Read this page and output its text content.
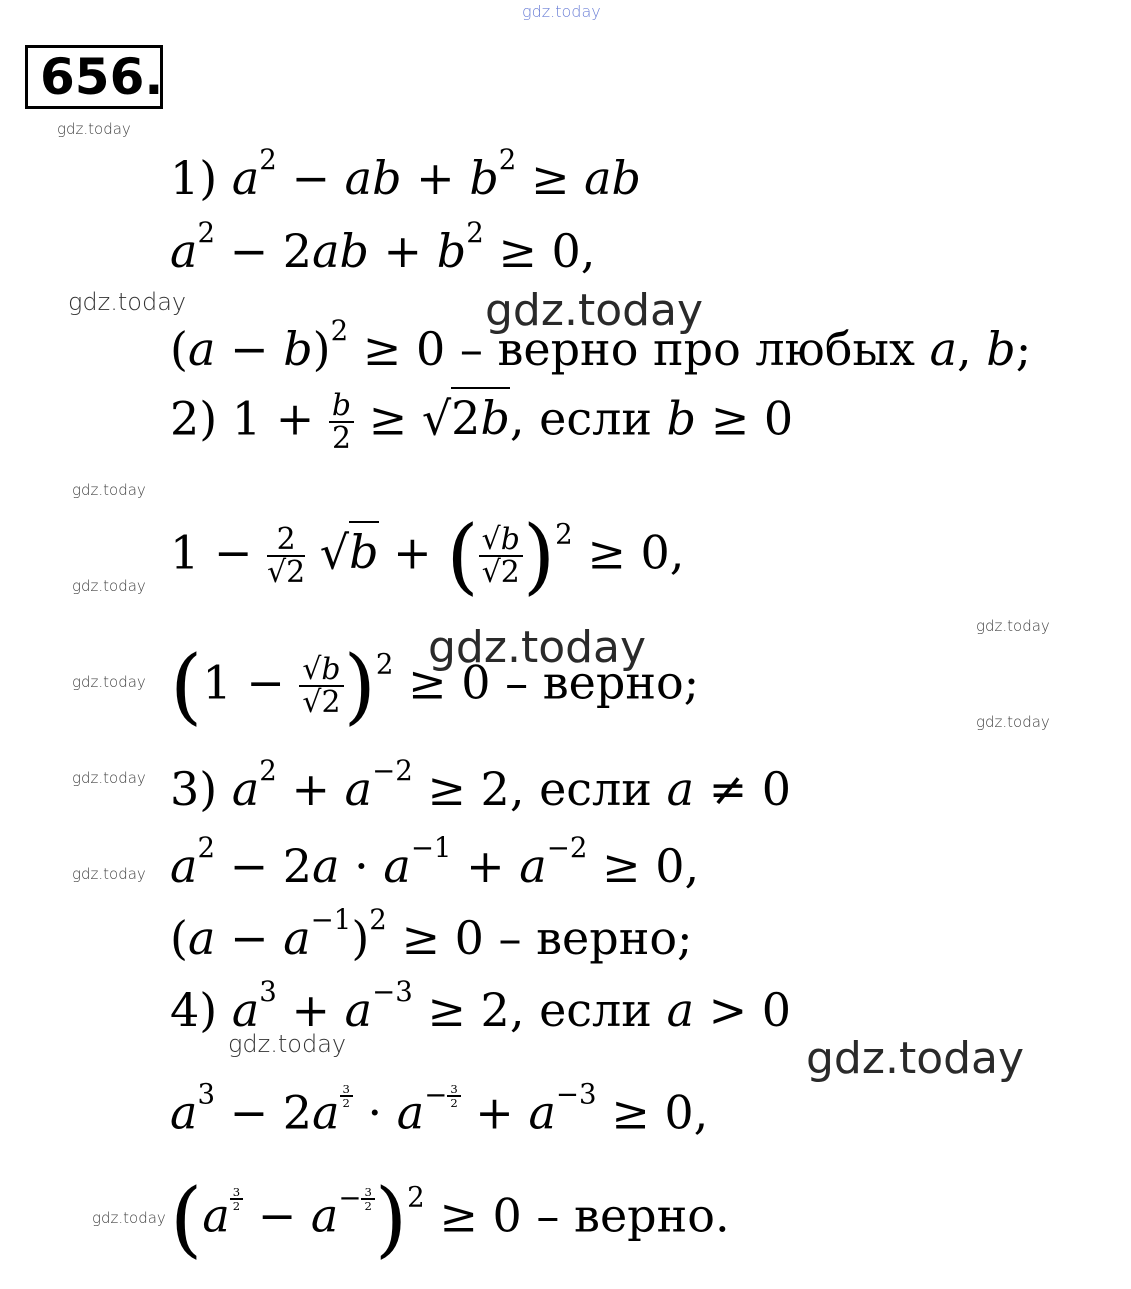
gdz.today
656.
gdz.today
gdz.today
gdz.today
gdz.today
gdz.today
gdz.today
gdz.today
gdz.today
gdz.today
gdz.today
gdz.today
gdz.today
gdz.today
gdz.today
1) $a^2$ − ab + $b^2$ ≥ ab
$a^2 - 2ab + b^2 \ge 0$,
$(a - b)^2 \ge 0$ – верно про любых a, b;
2) $1 + \frac{b}{2} \ge √2b$, если b ≥ 0
$1 - \frac{2}{√2} √b$ + ( $\frac{√b}{√2} )^2 \ge 0$,
$(1 - \frac{√b}{√2} )^2 \ge 0$ – верно;
3) $a^2 + a^{-2} \ge 2$, если a ≠ 0
$a^2 - 2a \cdot a^{-1} + a^{-2} \ge 0$,
$(a - a^{-1})^2 \ge 0$ – верно;
4) $a^3 + a^{-3} \ge 2$, если a > 0
$a^3 - 2a$ $^{\frac{3}{2}} \cdot a^{- \frac{3}{2}} + a^{-3} \ge 0$,
(a $^{\frac{3}{2}} - a^{- \frac{3}{2}}$ )$^2$ ≥ 0 – верно.
